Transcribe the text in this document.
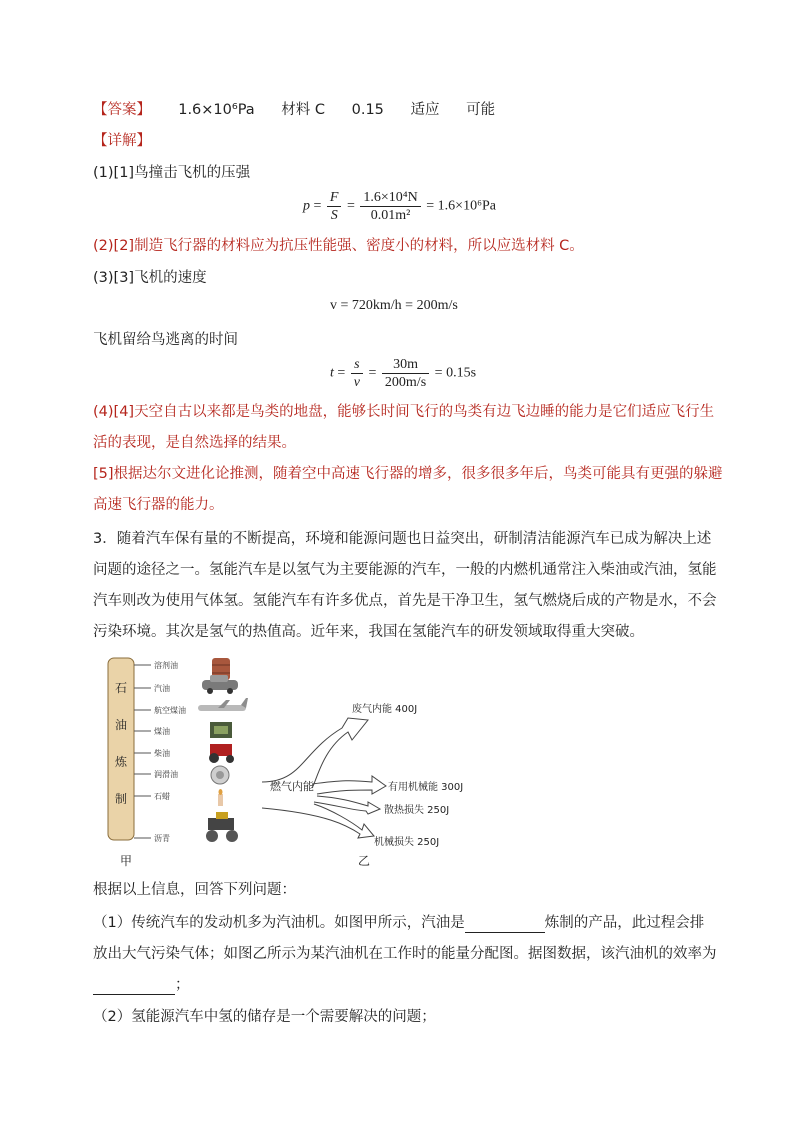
【答案】 1.6×10⁶Pa 材料 C 0.15 适应 可能
【详解】
(1)[1]鸟撞击飞机的压强
$p = \frac{F}{S} = \frac{\text{1.6×10⁴N}}{\text{0.01m²}} = 1.6\times 10^6Pa$
(2)[2]制造飞行器的材料应为抗压性能强、密度小的材料，所以应选材料 C。
(3)[3]飞机的速度
v = 720km/h = 200m/s
飞机留给鸟逃离的时间
$t = \frac{s}{v} = \frac{30m}{200m/s} = 0.15s$
(4)[4]天空自古以来都是鸟类的地盘，能够长时间飞行的鸟类有边飞边睡的能力是它们适应飞行生
活的表现，是自然选择的结果。
[5]根据达尔文进化论推测，随着空中高速飞行器的增多，很多很多年后，鸟类可能具有更强的躲避
高速飞行器的能力。
3．随着汽车保有量的不断提高，环境和能源问题也日益突出，研制清洁能源汽车已成为解决上述
问题的途径之一。氢能汽车是以氢气为主要能源的汽车，一般的内燃机通常注入柴油或汽油，氢能
汽车则改为使用气体氢。氢能汽车有许多优点，首先是干净卫生，氢气燃烧后成的产物是水，不会
污染环境。其次是氢气的热值高。近年来，我国在氢能汽车的研发领域取得重大突破。
石
油
炼
制
溶剂油
汽油
航空煤油
煤油
柴油
润滑油
石蜡
沥青
甲
燃气内能
废气内能 400J
有用机械能 300J
散热损失 250J
机械损失 250J
乙
根据以上信息，回答下列问题：
（1）传统汽车的发动机多为汽油机。如图甲所示，汽油是	炼制的产品，此过程会排
放出大气污染气体；如图乙所示为某汽油机在工作时的能量分配图。据图数据，该汽油机的效率为
；
（2）氢能源汽车中氢的储存是一个需要解决的问题；
